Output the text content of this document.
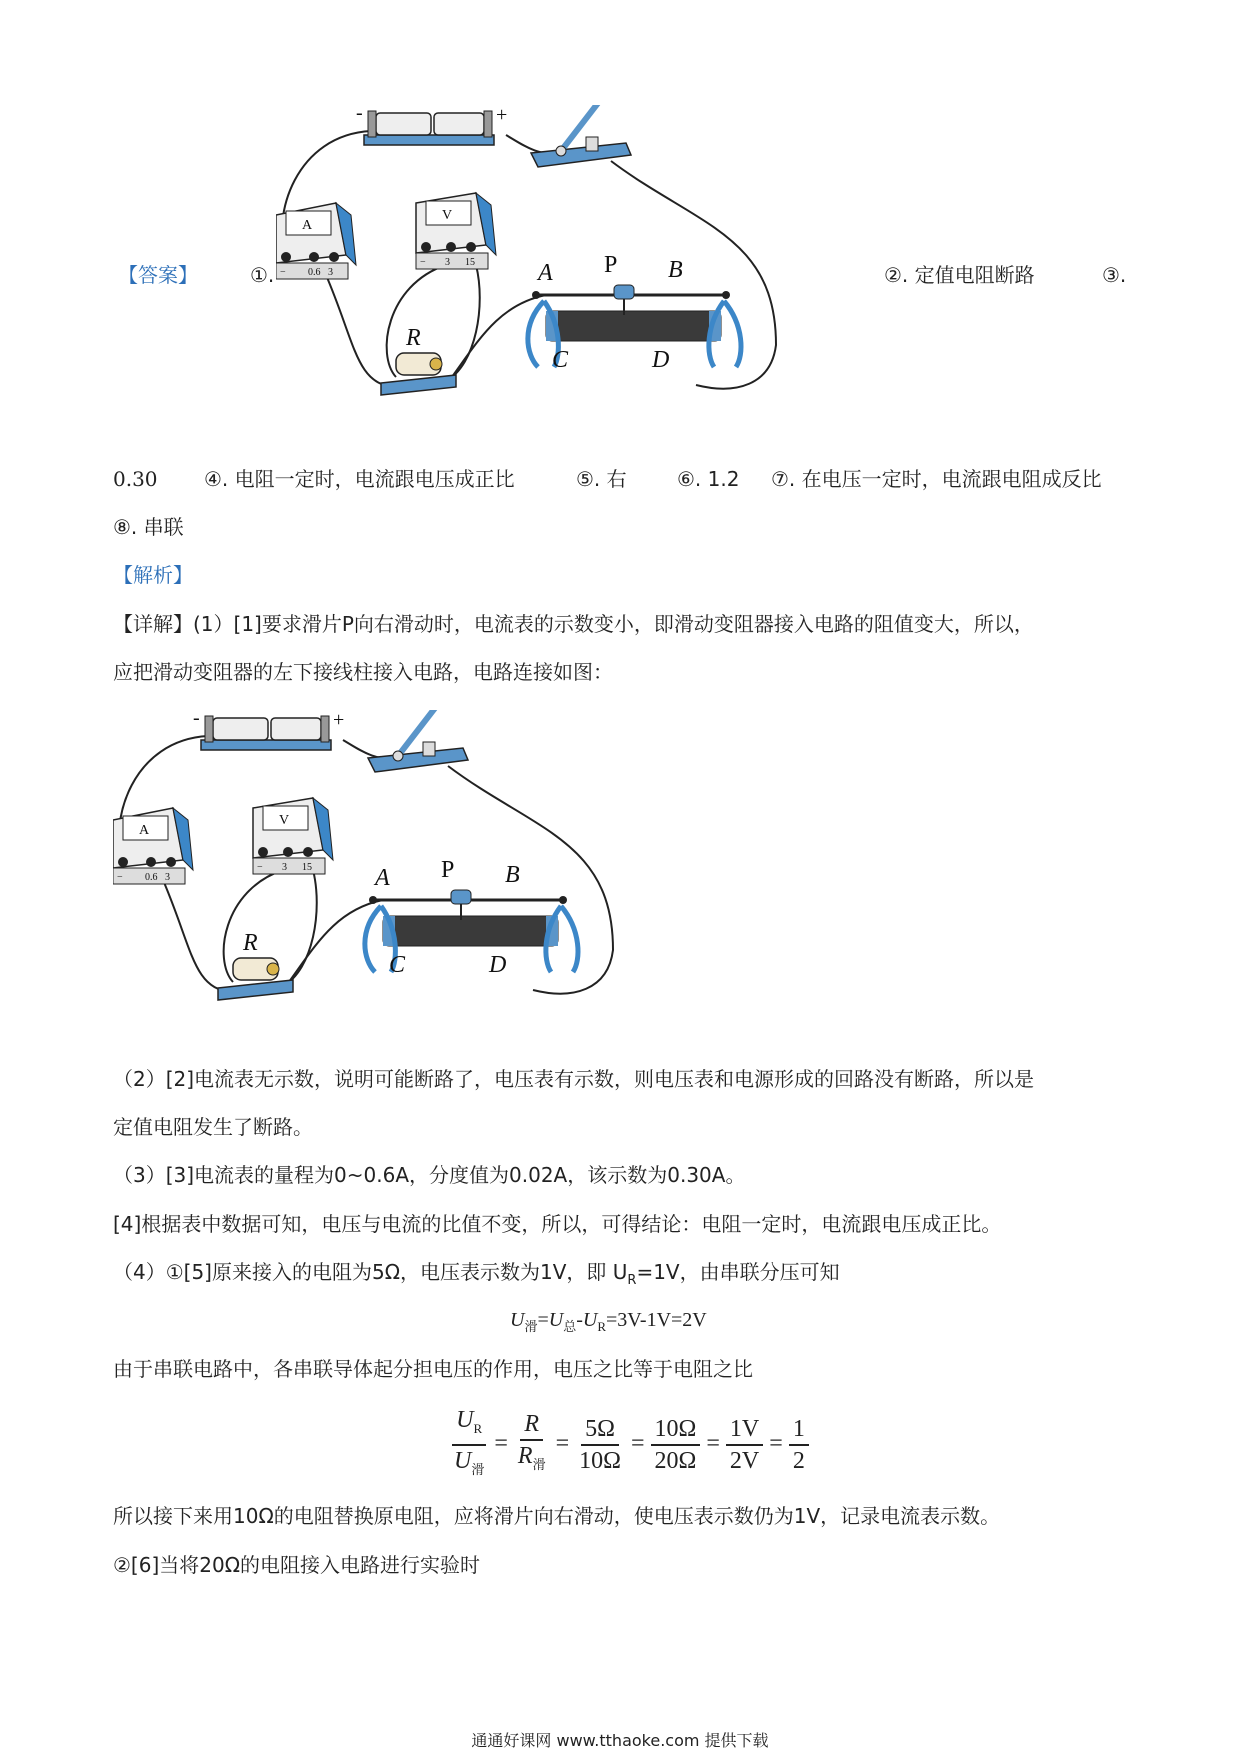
【答案】	①.
-	+
A
− 0.6 3
V
− 3 15
R
A P B
C	D
②. 定值电阻断路	③.
0.30 ④. 电阻一定时，电流跟电压成正比	⑤. 右	⑥. 1.2 ⑦. 在电压一定时，电流跟电阻成反比
⑧. 串联
【解析】
【详解】(1）[1]要求滑片P向右滑动时，电流表的示数变小，即滑动变阻器接入电路的阻值变大，所以，
应把滑动变阻器的左下接线柱接入电路，电路连接如图：
-	+
A
− 0.6 3
V
− 3 15
R
A P B
C	D
（2）[2]电流表无示数，说明可能断路了，电压表有示数，则电压表和电源形成的回路没有断路，所以是
定值电阻发生了断路。
（3）[3]电流表的量程为0~0.6A，分度值为0.02A，该示数为0.30A。
[4]根据表中数据可知，电压与电流的比值不变，所以，可得结论：电阻一定时，电流跟电压成正比。
（4）①[5]原来接入的电阻为5Ω，电压表示数为1V，即 $U_R=1V$，由串联分压可知
$U_滑=U_总-U_R=3V-1V=2V$
由于串联电路中，各串联导体起分担电压的作用，电压之比等于电阻之比
$\frac{U_R}{U_滑} = \frac{R}{R_滑} = \frac{5\Omega}{10\Omega} = \frac{10\Omega}{20\Omega} = \frac{1V}{2V} = \frac{1}{2}$
所以接下来用10Ω的电阻替换原电阻，应将滑片向右滑动，使电压表示数仍为1V，记录电流表示数。
②[6]当将20Ω的电阻接入电路进行实验时
通通好课网 www.tthaoke.com 提供下载
